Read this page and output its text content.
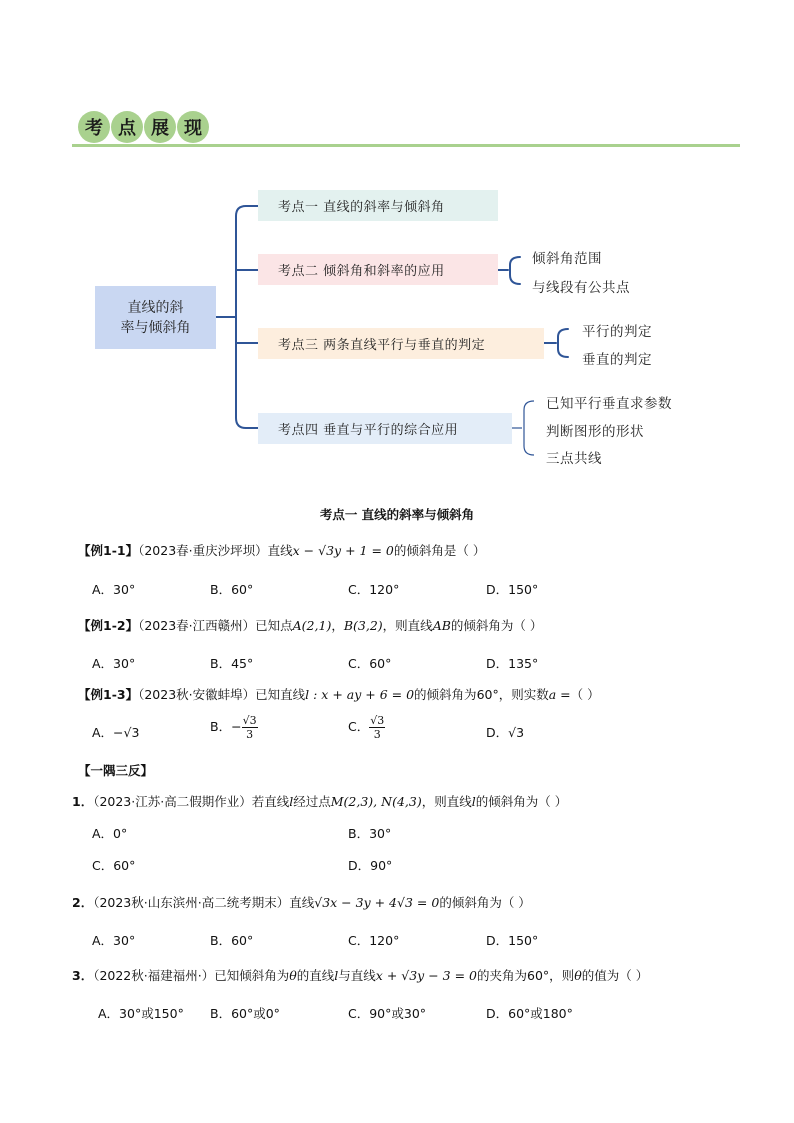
考 点 展 现
直线的斜
率与倾斜角
考点一 直线的斜率与倾斜角
考点二 倾斜角和斜率的应用
考点三 两条直线平行与垂直的判定
考点四 垂直与平行的综合应用
倾斜角范围
与线段有公共点
平行的判定
垂直的判定
已知平行垂直求参数
判断图形的形状
三点共线
考点一 直线的斜率与倾斜角
【例1-1】（2023春·重庆沙坪坝）直线x − √3y + 1 = 0的倾斜角是（ ）
A．30°	B．60°	C．120°	D．150°
【例1-2】（2023春·江西赣州）已知点A(2,1)，B(3,2)，则直线AB的倾斜角为（ ）
A．30°	B．45°	C．60°	D．135°
【例1-3】（2023秋·安徽蚌埠）已知直线l : x + ay + 6 = 0的倾斜角为60°，则实数a =（ ）
A．−√3	B．− $\frac{√3}{3}$	C． $\frac{√3}{3}$	D．√3
【一隅三反】
1．（2023·江苏·高二假期作业）若直线l经过点M(2,3), N(4,3)，则直线l的倾斜角为（ ）
A．0°	B．30°
C．60°	D．90°
2．（2023秋·山东滨州·高二统考期末）直线√3x − 3y + 4√3 = 0的倾斜角为（ ）
A．30°	B．60°	C．120°	D．150°
3．（2022秋·福建福州·）已知倾斜角为θ的直线l与直线x + √3y − 3 = 0的夹角为60°，则θ的值为（ ）
A．30°或150° B．60°或0°	C．90°或30°	D．60°或180°
